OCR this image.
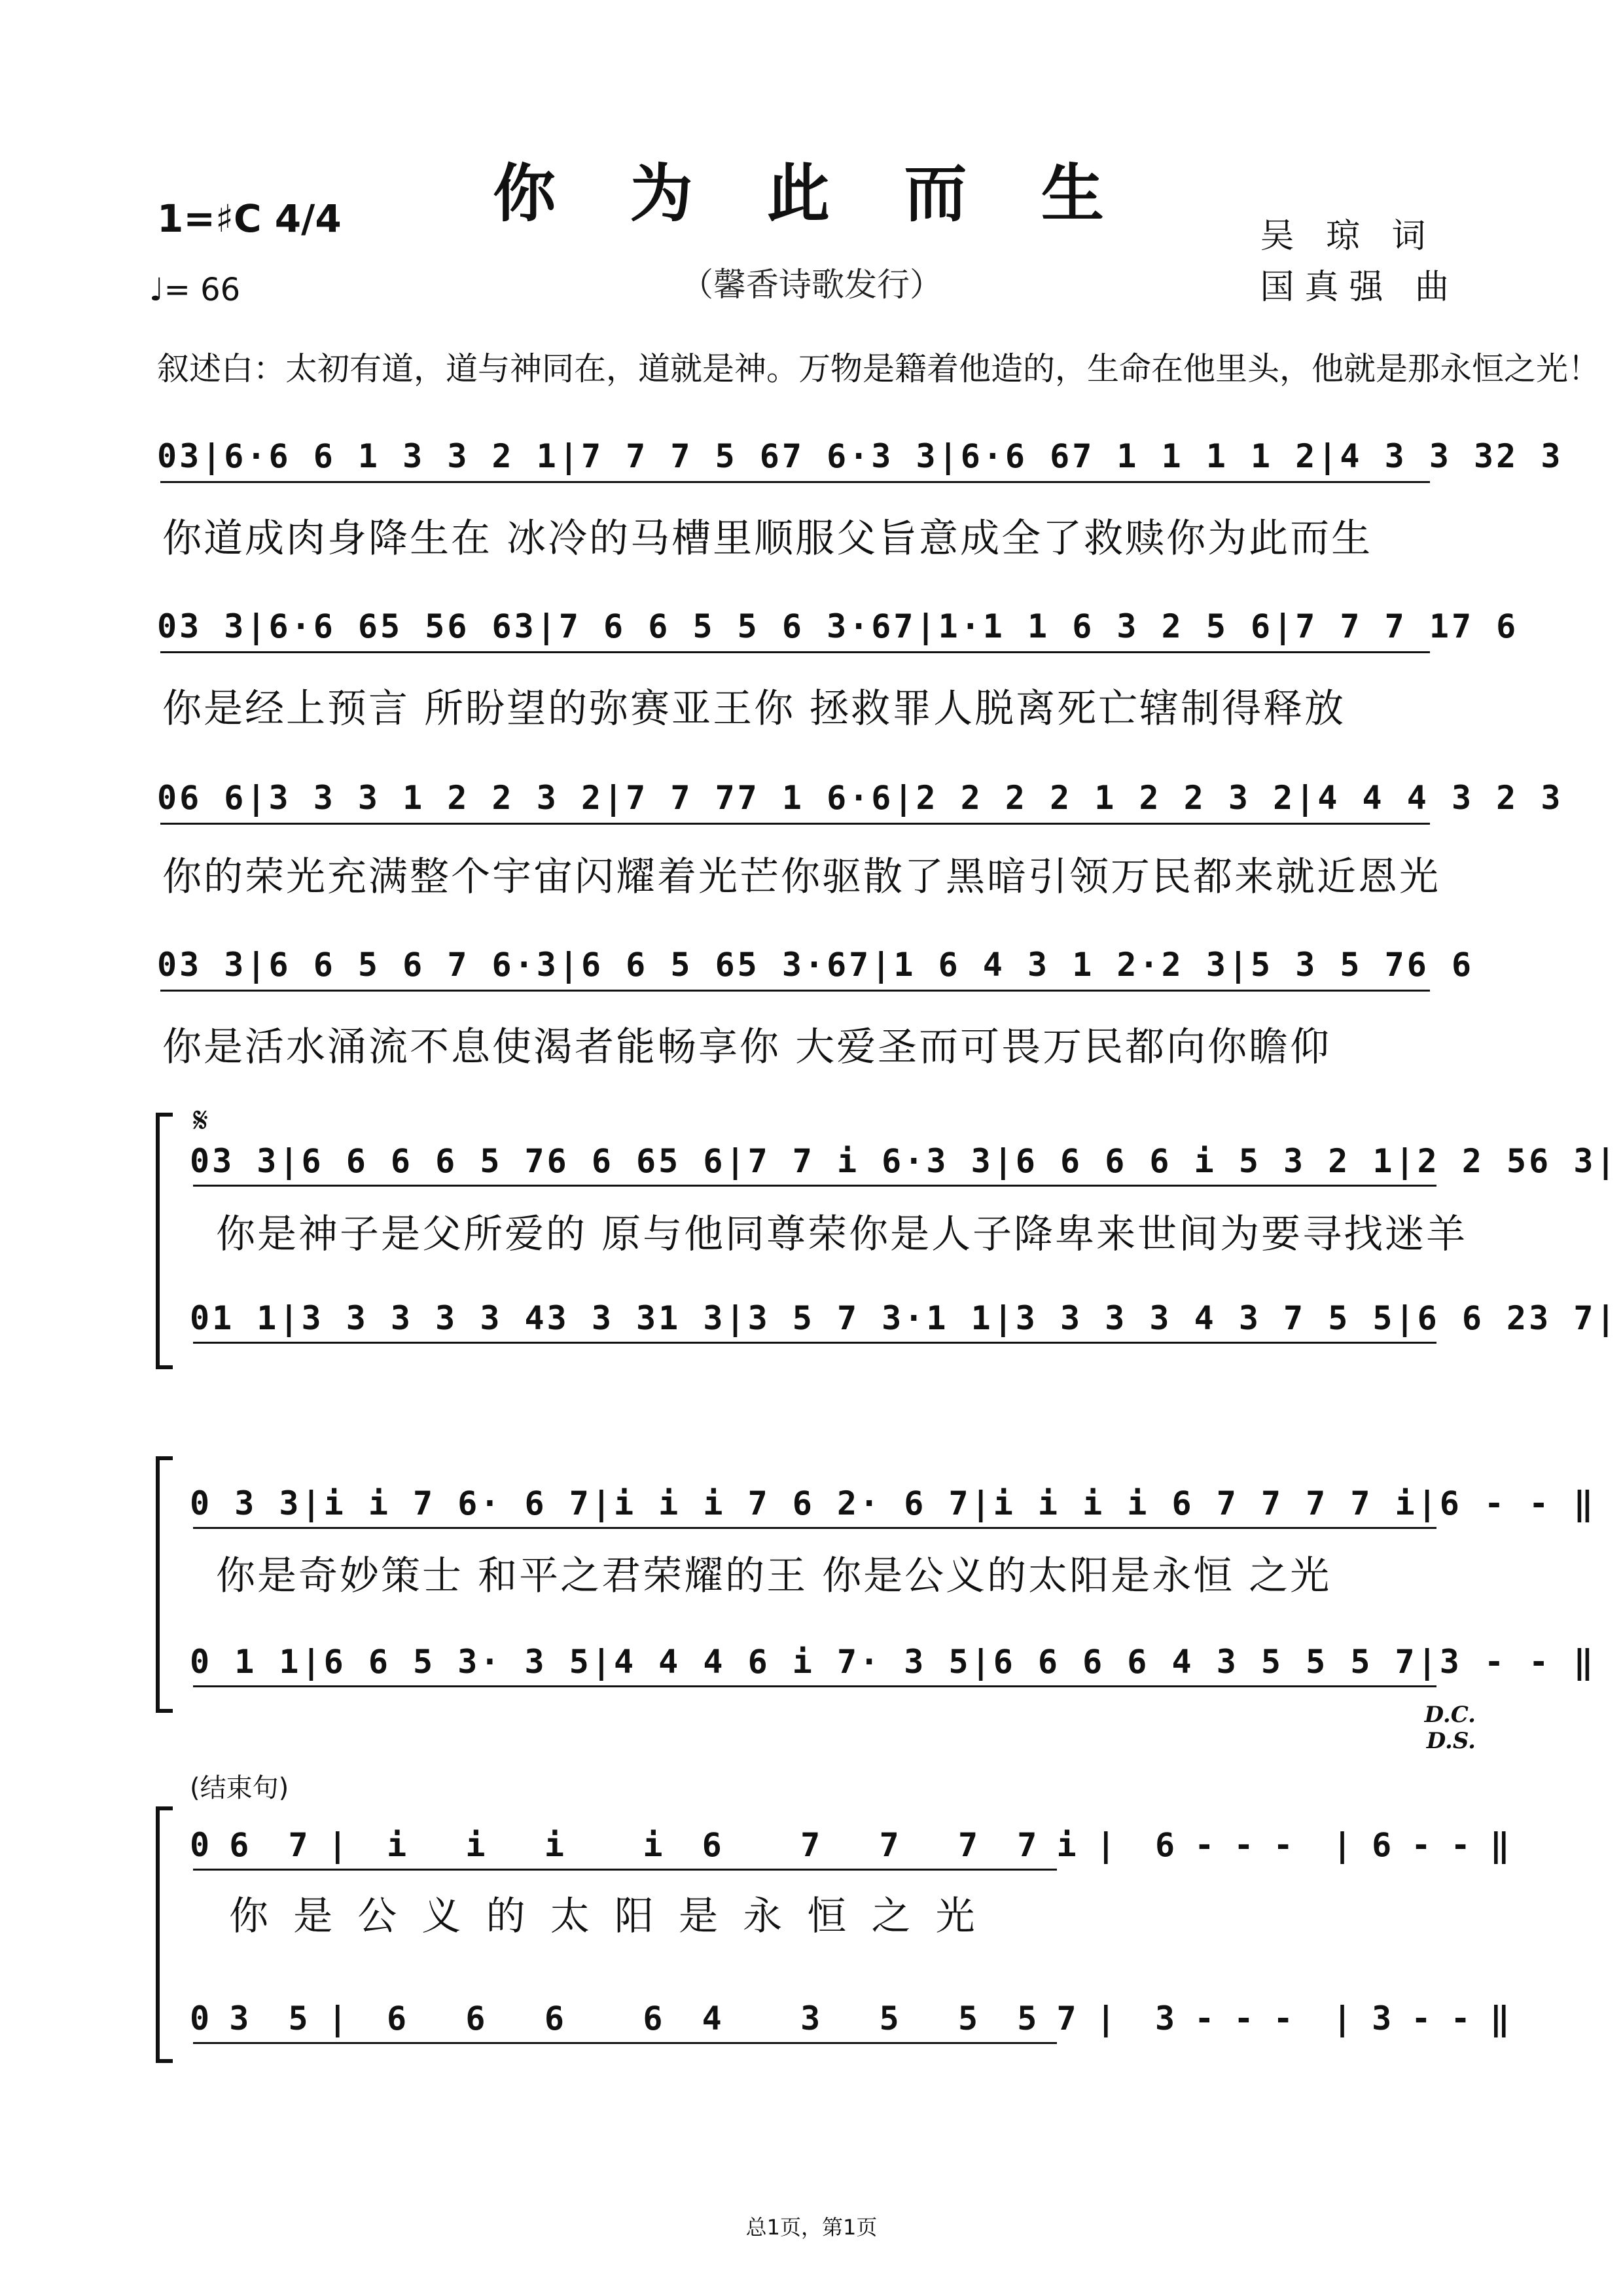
你 为 此 而 生
（馨香诗歌发行）
1=♯C 4/4
♩= 66
吴 琼 词
国真强 曲
叙述白：太初有道，道与神同在，道就是神。万物是籍着他造的，生命在他里头，他就是那永恒之光！
03|6·6 6 1 3 3 2 1|7 7 7 5 67 6·3 3|6·6 67 1 1 1 1 2|4 3 3 32 3
你道成肉身降生在 冰冷的马槽里顺服父旨意成全了救赎你为此而生
03 3|6·6 65 56 63|7 6 6 5 5 6 3·67|1·1 1 6 3 2 5 6|7 7 7 17 6
你是经上预言 所盼望的弥赛亚王你 拯救罪人脱离死亡辖制得释放
06 6|3 3 3 1 2 2 3 2|7 7 77 1 6·6|2 2 2 2 1 2 2 3 2|4 4 4 3 2 3
你的荣光充满整个宇宙闪耀着光芒你驱散了黑暗引领万民都来就近恩光
03 3|6 6 5 6 7 6·3|6 6 5 65 3·67|1 6 4 3 1 2·2 3|5 3 5 76 6
你是活水涌流不息使渴者能畅享你 大爱圣而可畏万民都向你瞻仰
𝄋
03 3|6 6 6 6 5 76 6 65 6|7 7 i 6·3 3|6 6 6 6 i 5 3 2 1|2 2 56 3|
你是神子是父所爱的 原与他同尊荣你是人子降卑来世间为要寻找迷羊
01 1|3 3 3 3 3 43 3 31 3|3 5 7 3·1 1|3 3 3 3 4 3 7 5 5|6 6 23 7|
0 3 3|i i 7 6· 6 7|i i i 7 6 2· 6 7|i i i i 6 7 7 7 7 i|6 - - ‖
你是奇妙策士 和平之君荣耀的王 你是公义的太阳是永恒 之光
0 1 1|6 6 5 3· 3 5|4 4 4 6 i 7· 3 5|6 6 6 6 4 3 5 5 5 7|3 - - ‖
D.C.
D.S.
(结束句)
0 6  7 |  i   i   i    i  6    7   7   7  7 i |  6 - - -  | 6 - - ‖
你  是  公  义  的  太  阳  是  永  恒  之  光
0 3  5 |  6   6   6    6  4    3   5   5  5 7 |  3 - - -  | 3 - - ‖
总1页，第1页
